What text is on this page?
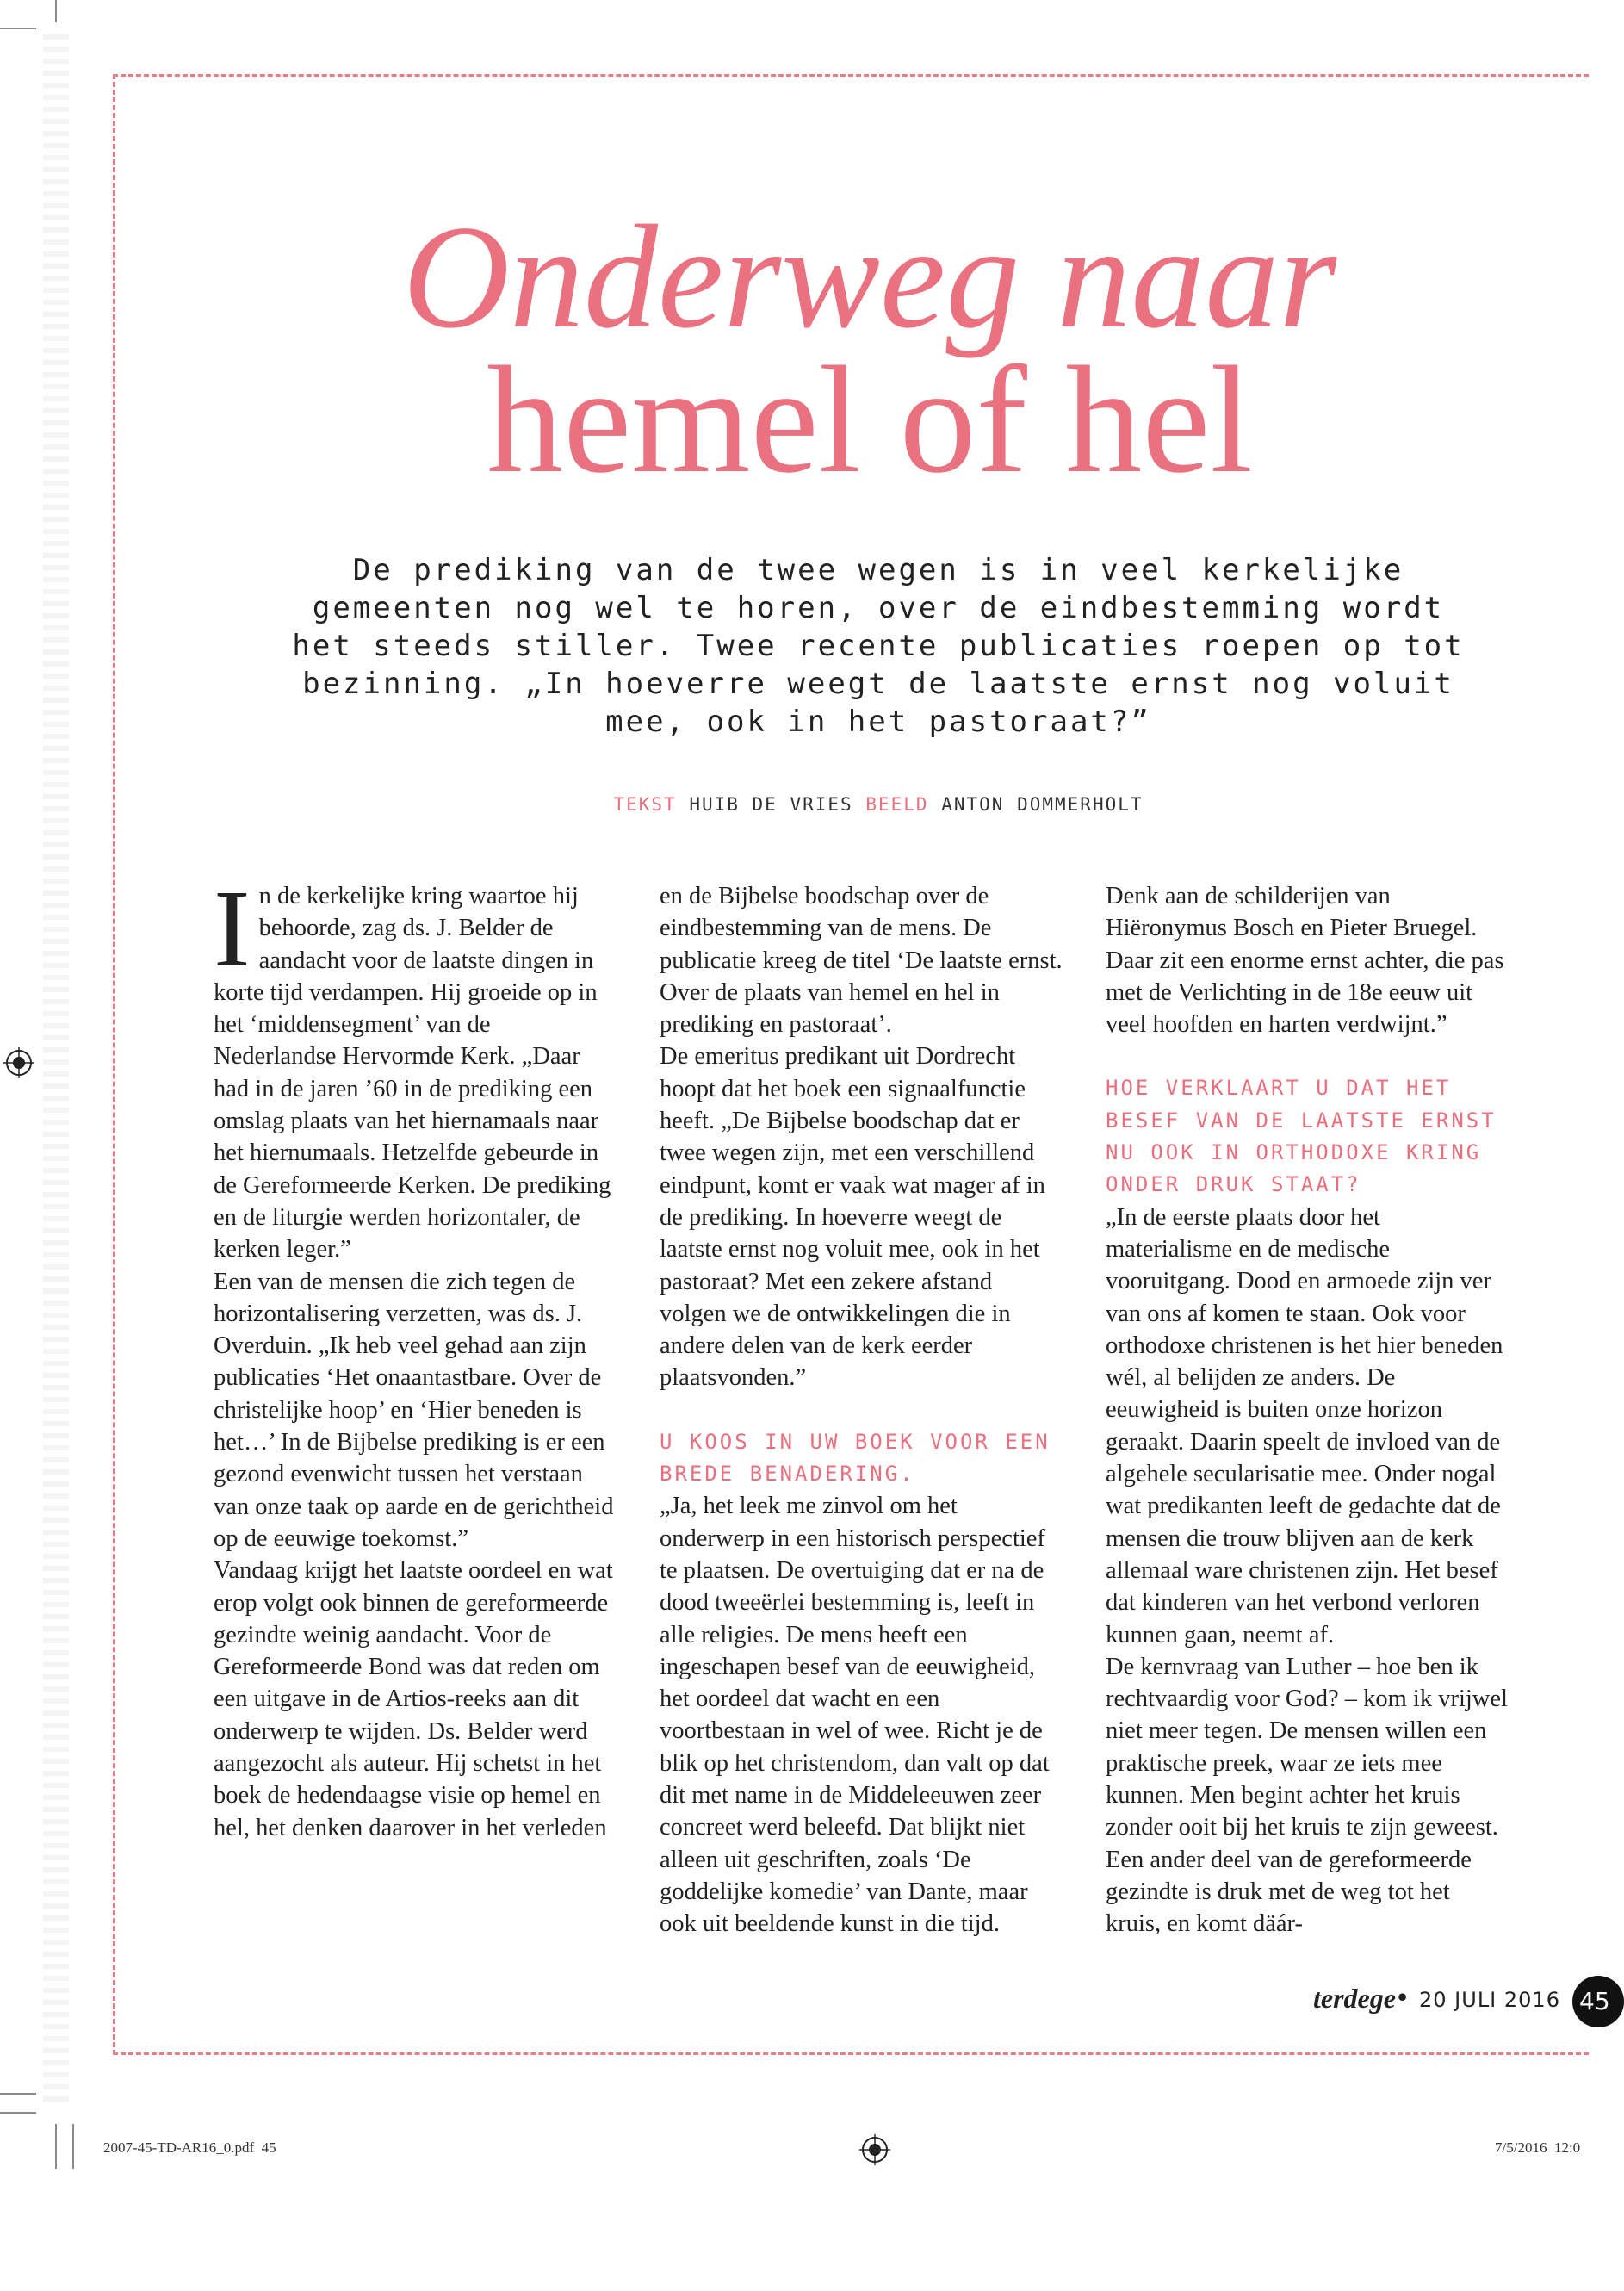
Onderweg naar
hemel of hel

De prediking van de twee wegen is in veel kerkelijke gemeenten nog wel te horen, over de eindbestemming wordt het steeds stiller. Twee recente publicaties roepen op tot bezinning. „In hoeverre weegt de laatste ernst nog voluit mee, ook in het pastoraat?”

TEKST HUIB DE VRIES BEELD ANTON DOMMERHOLT

In de kerkelijke kring waartoe hij behoorde, zag ds. J. Belder de aandacht voor de laatste dingen in korte tijd verdampen. Hij groeide op in het ‘middensegment’ van de Nederlandse Hervormde Kerk. „Daar had in de jaren ’60 in de prediking een omslag plaats van het hiernamaals naar het hiernumaals. Hetzelfde gebeurde in de Gereformeerde Kerken. De prediking en de liturgie werden horizontaler, de kerken leger.”

Een van de mensen die zich tegen de horizontalisering verzetten, was ds. J. Overduin. „Ik heb veel gehad aan zijn publicaties ‘Het onaantastbare. Over de christelijke hoop’ en ‘Hier beneden is het…’ In de Bijbelse prediking is er een gezond evenwicht tussen het verstaan van onze taak op aarde en de gerichtheid op de eeuwige toekomst.”

Vandaag krijgt het laatste oordeel en wat erop volgt ook binnen de gereformeerde gezindte weinig aandacht. Voor de Gereformeerde Bond was dat reden om een uitgave in de Artios-reeks aan dit onderwerp te wijden. Ds. Belder werd aangezocht als auteur. Hij schetst in het boek de hedendaagse visie op hemel en hel, het denken daarover in het verleden

en de Bijbelse boodschap over de eindbestemming van de mens. De publicatie kreeg de titel ‘De laatste ernst. Over de plaats van hemel en hel in prediking en pastoraat’.

De emeritus predikant uit Dordrecht hoopt dat het boek een signaalfunctie heeft. „De Bijbelse boodschap dat er twee wegen zijn, met een verschillend eindpunt, komt er vaak wat mager af in de prediking. In hoeverre weegt de laatste ernst nog voluit mee, ook in het pastoraat? Met een zekere afstand volgen we de ontwikkelingen die in andere delen van de kerk eerder plaatsvonden.”

U KOOS IN UW BOEK VOOR EEN BREDE BENADERING.

„Ja, het leek me zinvol om het onderwerp in een historisch perspectief te plaatsen. De overtuiging dat er na de dood tweeërlei bestemming is, leeft in alle religies. De mens heeft een ingeschapen besef van de eeuwigheid, het oordeel dat wacht en een voortbestaan in wel of wee. Richt je de blik op het christendom, dan valt op dat dit met name in de Middeleeuwen zeer concreet werd beleefd. Dat blijkt niet alleen uit geschriften, zoals ‘De goddelijke komedie’ van Dante, maar ook uit beeldende kunst in die tijd.

Denk aan de schilderijen van Hiëronymus Bosch en Pieter Bruegel. Daar zit een enorme ernst achter, die pas met de Verlichting in de 18e eeuw uit veel hoofden en harten verdwijnt.”

HOE VERKLAART U DAT HET BESEF VAN DE LAATSTE ERNST NU OOK IN ORTHODOXE KRING ONDER DRUK STAAT?

„In de eerste plaats door het materialisme en de medische vooruitgang. Dood en armoede zijn ver van ons af komen te staan. Ook voor orthodoxe christenen is het hier beneden wél, al belijden ze anders. De eeuwigheid is buiten onze horizon geraakt. Daarin speelt de invloed van de algehele secularisatie mee. Onder nogal wat predikanten leeft de gedachte dat de mensen die trouw blijven aan de kerk allemaal ware christenen zijn. Het besef dat kinderen van het verbond verloren kunnen gaan, neemt af.

De kernvraag van Luther – hoe ben ik rechtvaardig voor God? – kom ik vrijwel niet meer tegen. De mensen willen een praktische preek, waar ze iets mee kunnen. Men begint achter het kruis zonder ooit bij het kruis te zijn geweest. Een ander deel van de gereformeerde gezindte is druk met de weg tot het kruis, en komt däár-

terdege • 20 JULI 2016 45
2007-45-TD-AR16_0.pdf 45	7/5/2016 12:0
